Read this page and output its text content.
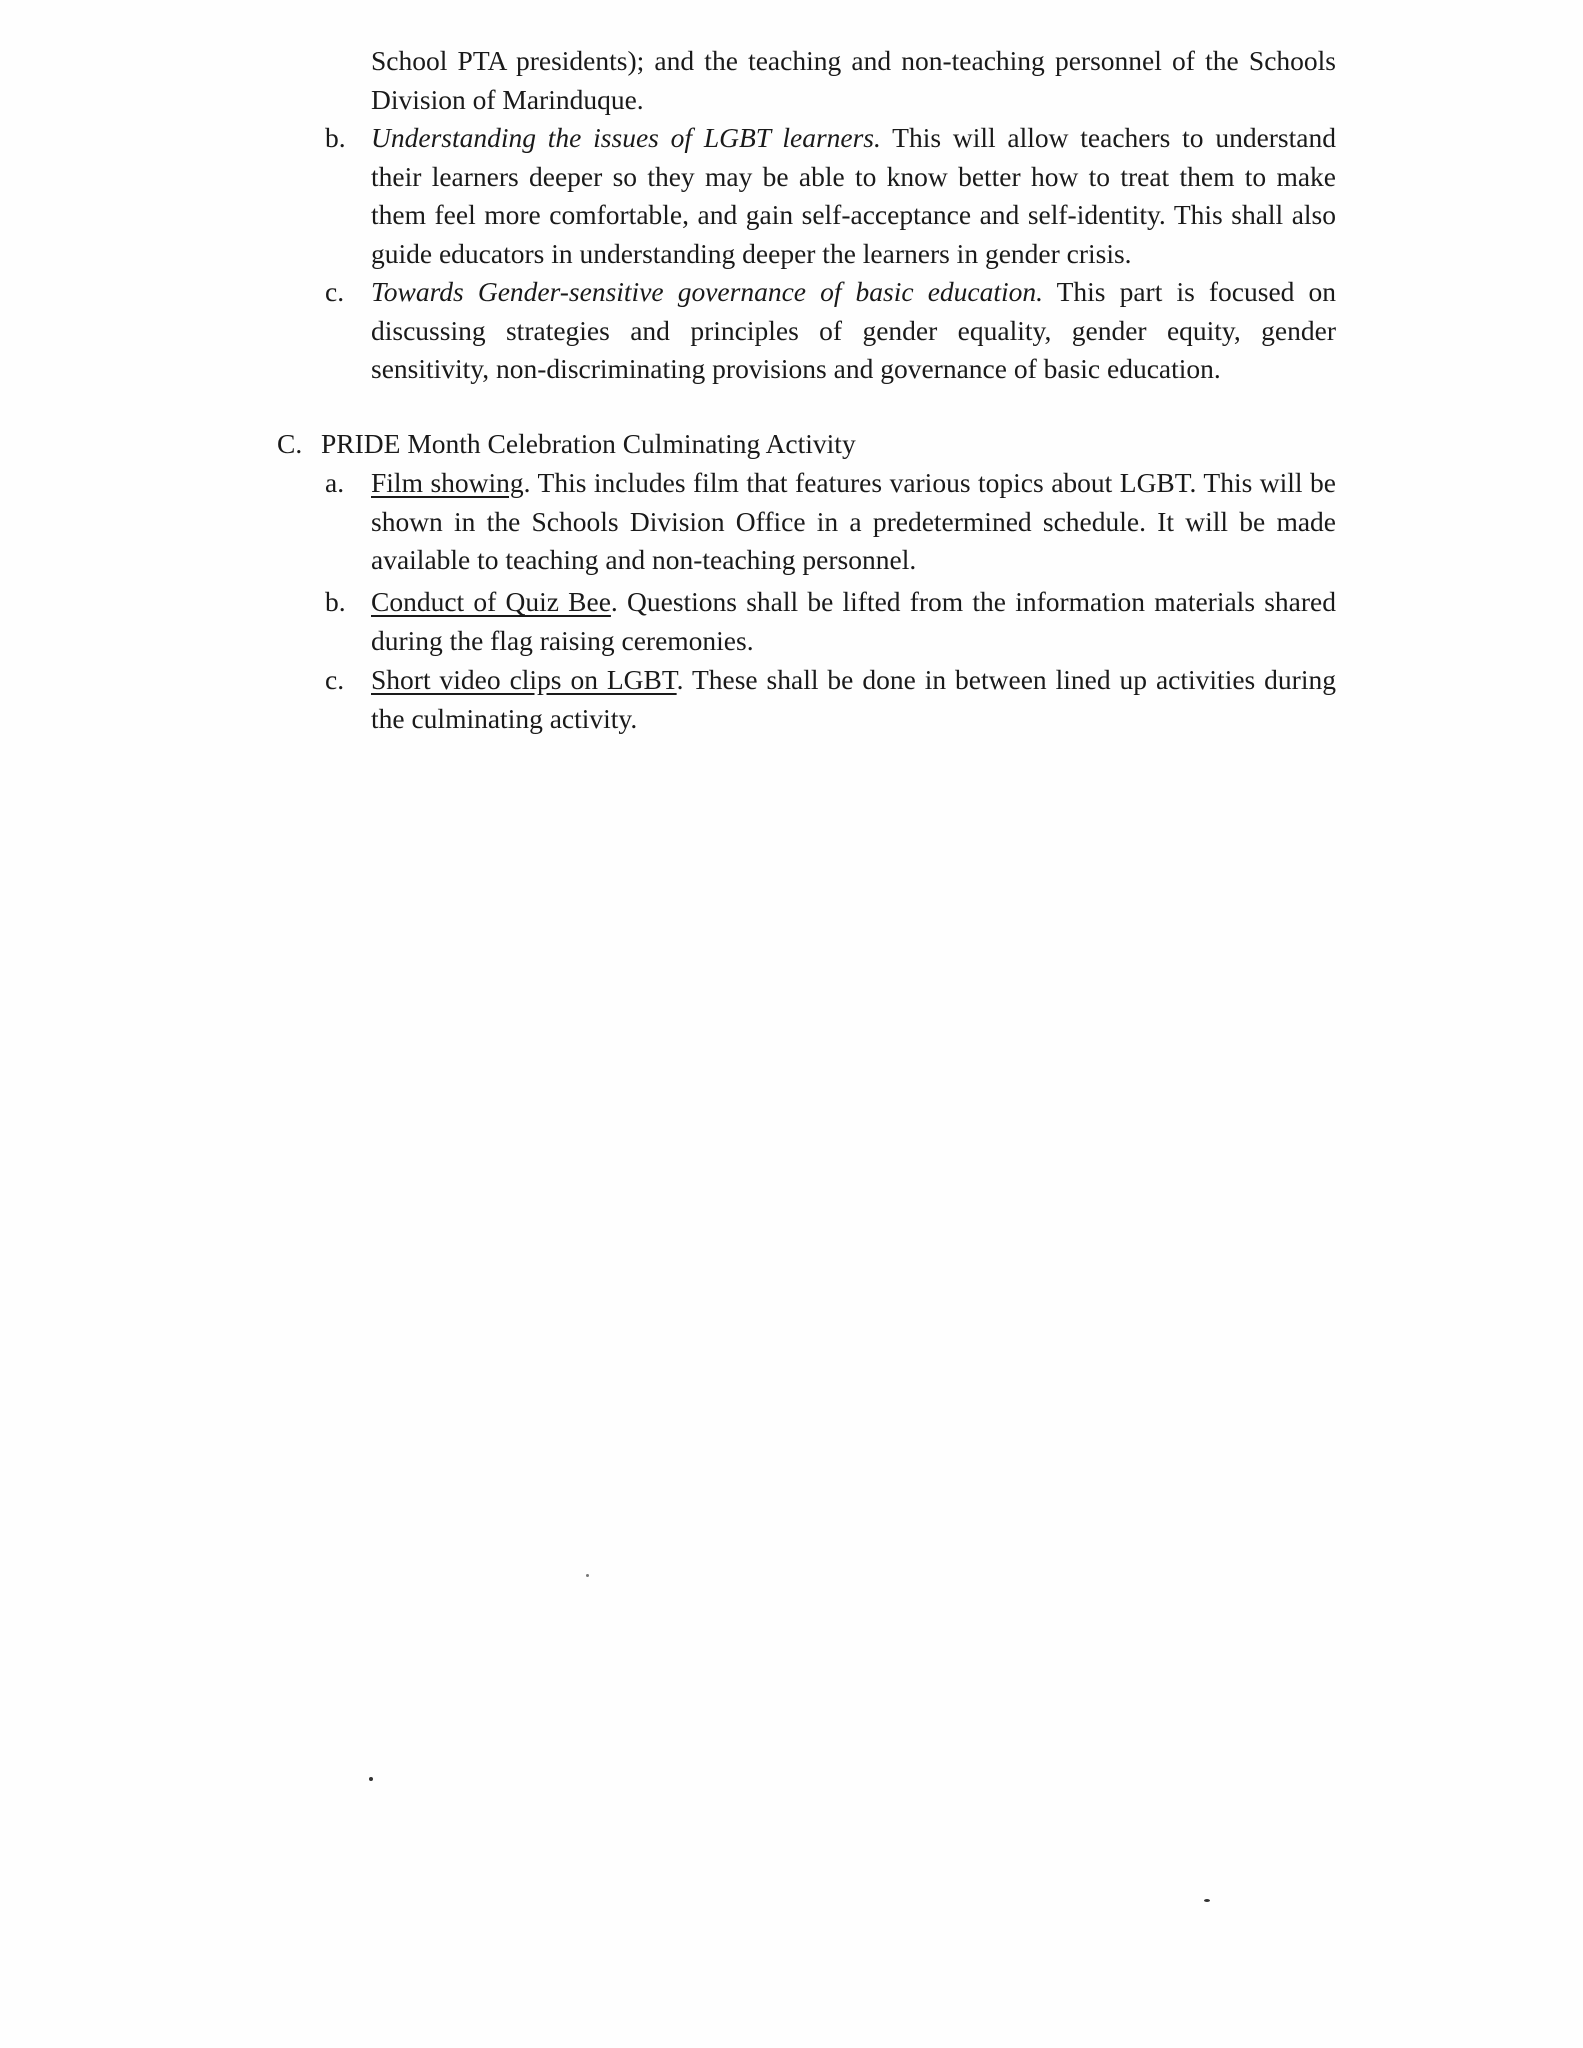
School PTA presidents); and the teaching and non-teaching personnel of the Schools Division of Marinduque.
b. Understanding the issues of LGBT learners. This will allow teachers to understand their learners deeper so they may be able to know better how to treat them to make them feel more comfortable, and gain self-acceptance and self-identity. This shall also guide educators in understanding deeper the learners in gender crisis.
c. Towards Gender-sensitive governance of basic education. This part is focused on discussing strategies and principles of gender equality, gender equity, gender sensitivity, non-discriminating provisions and governance of basic education.
C. PRIDE Month Celebration Culminating Activity
a. Film showing. This includes film that features various topics about LGBT. This will be shown in the Schools Division Office in a predetermined schedule. It will be made available to teaching and non-teaching personnel.
b. Conduct of Quiz Bee. Questions shall be lifted from the information materials shared during the flag raising ceremonies.
c. Short video clips on LGBT. These shall be done in between lined up activities during the culminating activity.
